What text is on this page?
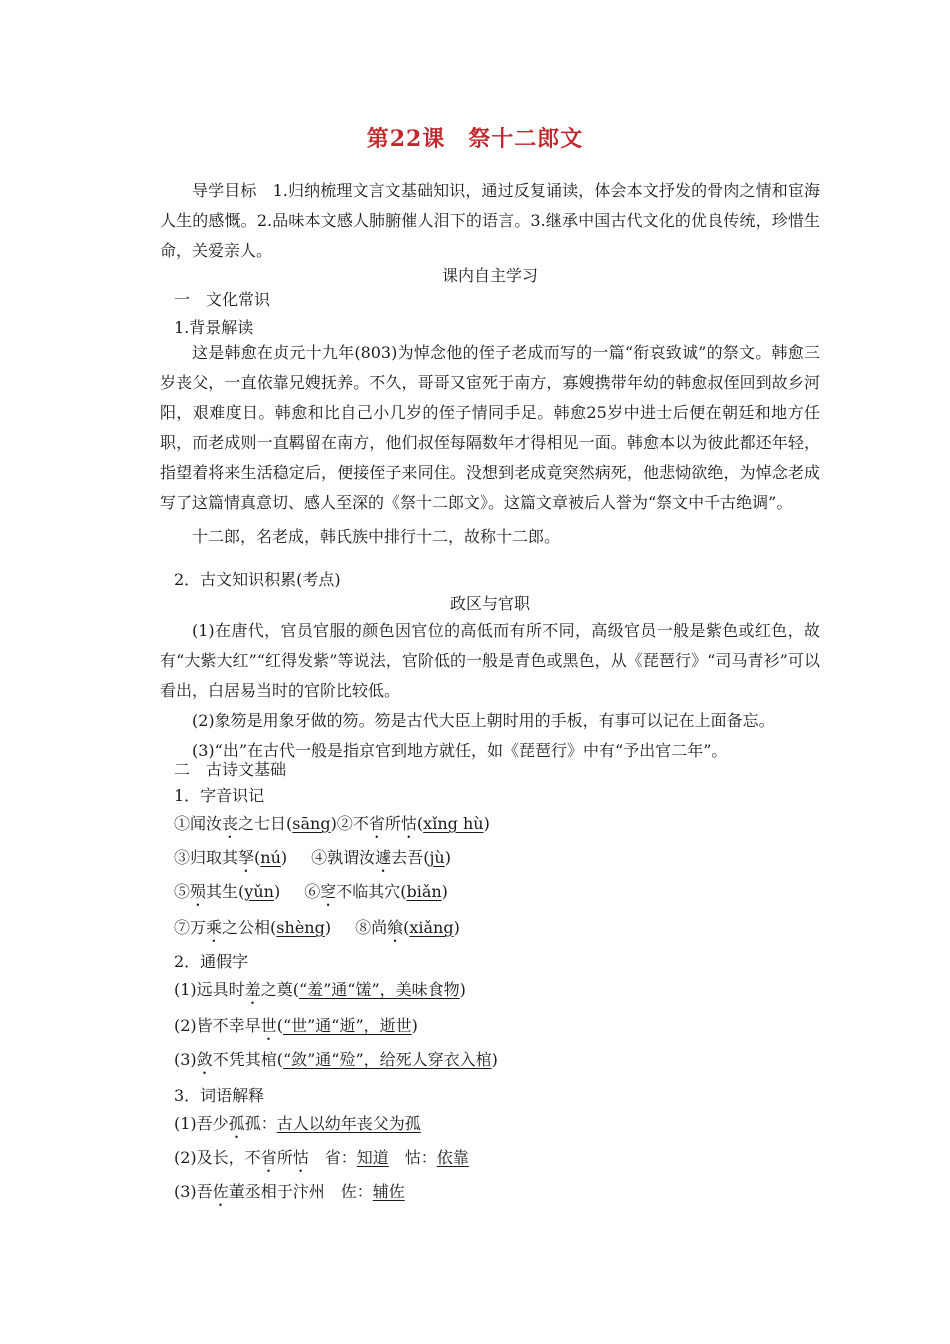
第22课　祭十二郎文

导学目标　 1.归纳梳理文言文基础知识，通过反复诵读，体会本文抒发的骨肉之情和宦海人生的感慨。2.品味本文感人肺腑催人泪下的语言。3.继承中国古代文化的优良传统，珍惜生命，关爱亲人。

课内自主学习
一　文化常识
1.背景解读

这是韩愈在贞元十九年(803)为悼念他的侄子老成而写的一篇“衔哀致诚”的祭文。韩愈三岁丧父，一直依靠兄嫂抚养。不久，哥哥又宦死于南方，寡嫂携带年幼的韩愈叔侄回到故乡河阳，艰难度日。韩愈和比自己小几岁的侄子情同手足。韩愈25岁中进士后便在朝廷和地方任职，而老成则一直羁留在南方，他们叔侄每隔数年才得相见一面。韩愈本以为彼此都还年轻，指望着将来生活稳定后，便接侄子来同住。没想到老成竟突然病死，他悲恸欲绝，为悼念老成写了这篇情真意切、感人至深的《祭十二郎文》。这篇文章被后人誉为“祭文中千古绝调”。

十二郎，名老成，韩氏族中排行十二，故称十二郎。

2．古文知识积累(考点)
政区与官职

(1)在唐代，官员官服的颜色因官位的高低而有所不同，高级官员一般是紫色或红色，故有“大紫大红”“红得发紫”等说法，官阶低的一般是青色或黑色，从《琵琶行》“司马青衫”可以看出，白居易当时的官阶比较低。

(2)象笏是用象牙做的笏。笏是古代大臣上朝时用的手板，有事可以记在上面备忘。

(3)“出”在古代一般是指京官到地方就任，如《琵琶行》中有“予出官二年”。

二　古诗文基础
1．字音识记
①闻汝丧之七日(sāng)②不省所怙(xǐng hù)
③归取其孥(nú) ④孰谓汝遽去吾(jù)
⑤殒其生(yǔn) ⑥窆不临其穴(biǎn)
⑦万乘之公相(shèng) ⑧尚飨(xiǎng)
2．通假字
(1)远具时羞之奠(“羞”通“馐”，美味食物)
(2)皆不幸早世(“世”通“逝”，逝世)
(3)敛不凭其棺(“敛”通“殓”，给死人穿衣入棺)
3．词语解释
(1)吾少孤孤：古人以幼年丧父为孤
(2)及长，不省所怙　省：知道　怙：依靠
(3)吾佐董丞相于汴州　佐：辅佐
